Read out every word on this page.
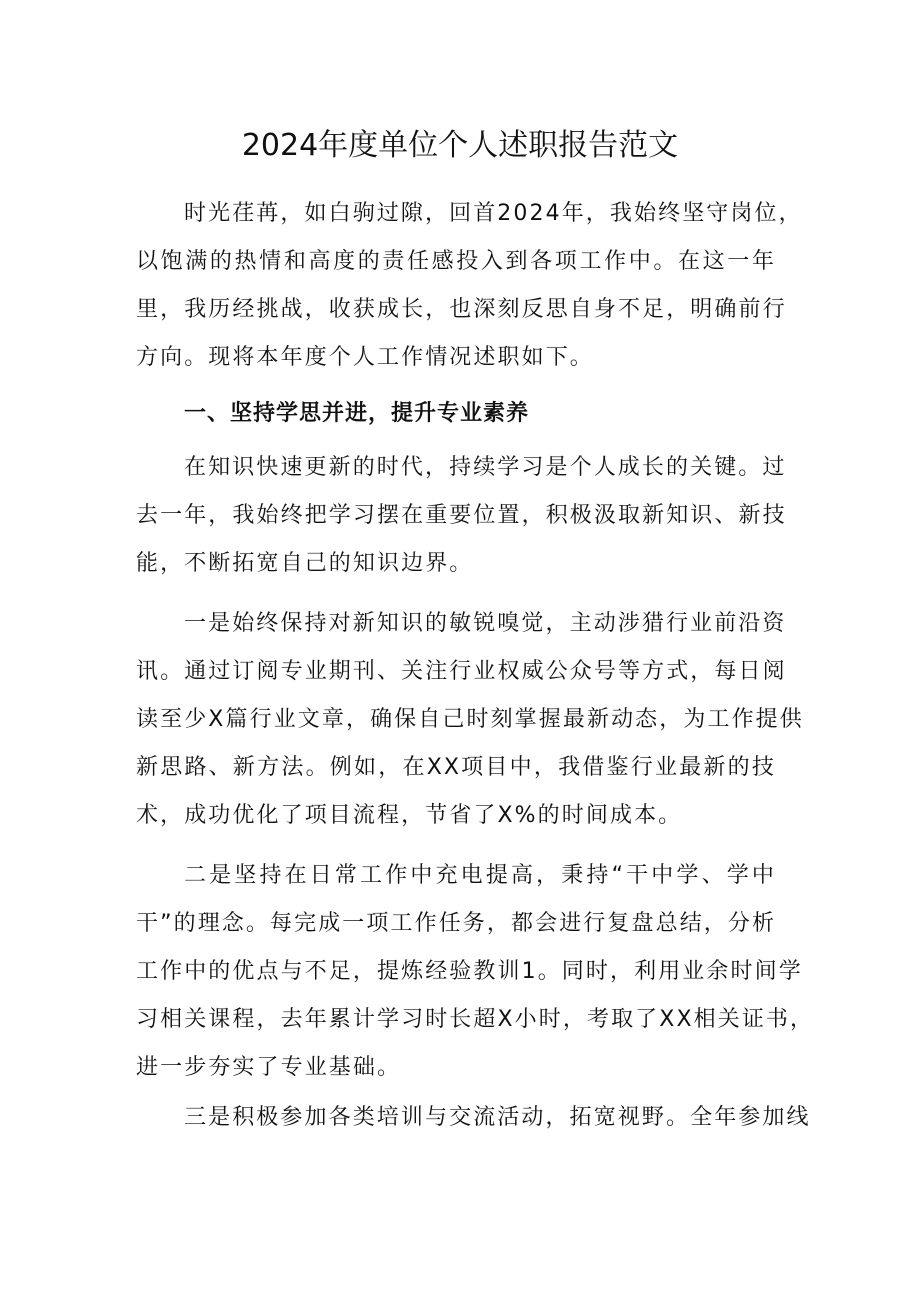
2024年度单位个人述职报告范文

时光荏苒，如白驹过隙，回首2024年，我始终坚守岗位，
以饱满的热情和高度的责任感投入到各项工作中。在这一年
里，我历经挑战，收获成长，也深刻反思自身不足，明确前行
方向。现将本年度个人工作情况述职如下。

一、坚持学思并进，提升专业素养

在知识快速更新的时代，持续学习是个人成长的关键。过
去一年，我始终把学习摆在重要位置，积极汲取新知识、新技
能，不断拓宽自己的知识边界。

一是始终保持对新知识的敏锐嗅觉，主动涉猎行业前沿资
讯。通过订阅专业期刊、关注行业权威公众号等方式，每日阅
读至少X篇行业文章，确保自己时刻掌握最新动态，为工作提供
新思路、新方法。例如，在XX项目中，我借鉴行业最新的技
术，成功优化了项目流程，节省了X%的时间成本。

二是坚持在日常工作中充电提高，秉持“干中学、学中
干”的理念。每完成一项工作任务，都会进行复盘总结，分析
工作中的优点与不足，提炼经验教训1。同时，利用业余时间学
习相关课程，去年累计学习时长超X小时，考取了XX相关证书，
进一步夯实了专业基础。

三是积极参加各类培训与交流活动，拓宽视野。全年参加线
